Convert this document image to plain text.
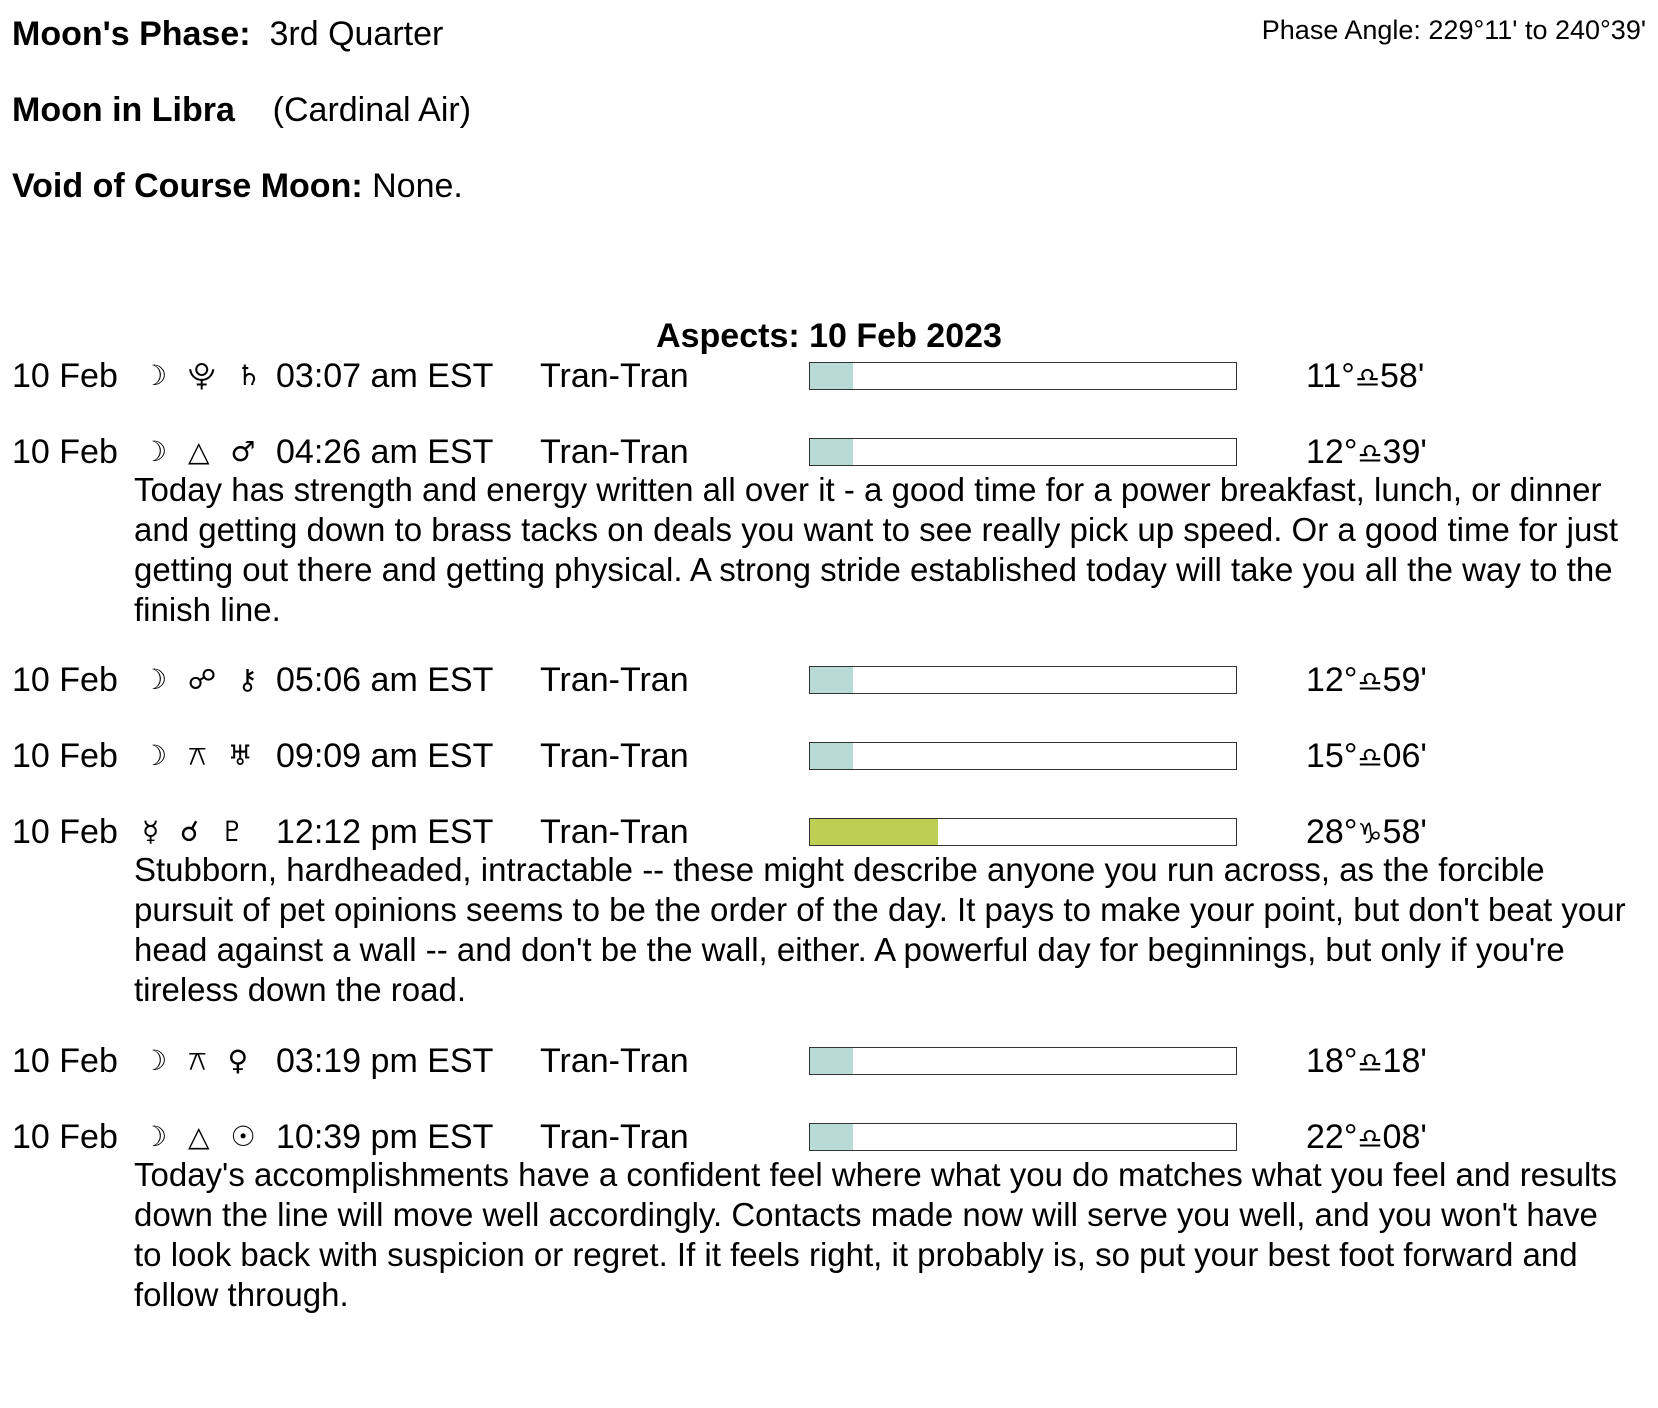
Moon's Phase: 3rd Quarter	Phase Angle: 229°11' to 240°39'
Moon in Libra (Cardinal Air)
Void of Course Moon: None.
Aspects: 10 Feb 2023
10 Feb ☽ ⯓ ♄ 03:07 am EST Tran-Tran	11°♎58'
10 Feb ☽ △ ♂ 04:26 am EST Tran-Tran	12°♎39'
Today has strength and energy written all over it - a good time for a power breakfast, lunch, or dinner and getting down to brass tacks on deals you want to see really pick up speed. Or a good time for just getting out there and getting physical. A strong stride established today will take you all the way to the finish line.
10 Feb ☽ ☍ ⚷ 05:06 am EST Tran-Tran	12°♎59'
10 Feb ☽ ⚻ ♅ 09:09 am EST Tran-Tran	15°♎06'
10 Feb ☿ ☌ ♇ 12:12 pm EST Tran-Tran	28°♑58'
Stubborn, hardheaded, intractable -- these might describe anyone you run across, as the forcible pursuit of pet opinions seems to be the order of the day. It pays to make your point, but don't beat your head against a wall -- and don't be the wall, either. A powerful day for beginnings, but only if you're tireless down the road.
10 Feb ☽ ⚻ ♀ 03:19 pm EST Tran-Tran	18°♎18'
10 Feb ☽ △ ☉ 10:39 pm EST Tran-Tran	22°♎08'
Today's accomplishments have a confident feel where what you do matches what you feel and results down the line will move well accordingly. Contacts made now will serve you well, and you won't have to look back with suspicion or regret. If it feels right, it probably is, so put your best foot forward and follow through.
